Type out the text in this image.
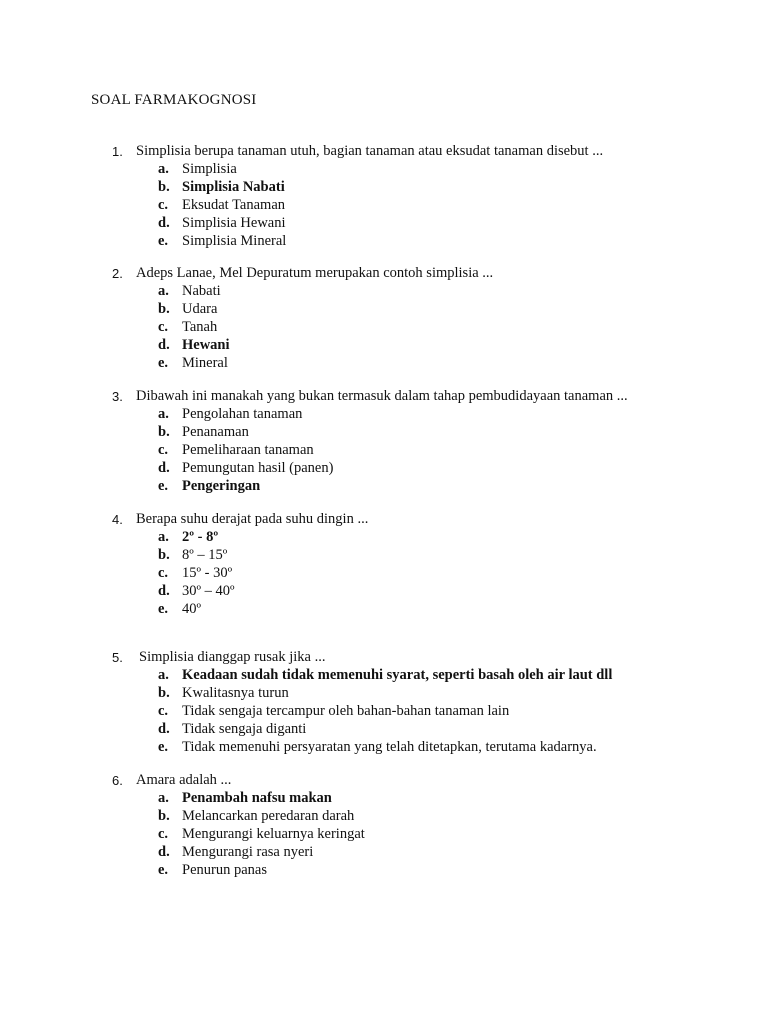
SOAL FARMAKOGNOSI
1. Simplisia berupa tanaman utuh, bagian tanaman atau eksudat tanaman disebut ...
a. Simplisia
b. Simplisia Nabati
c. Eksudat Tanaman
d. Simplisia Hewani
e. Simplisia Mineral
2. Adeps Lanae, Mel Depuratum merupakan contoh simplisia ...
a. Nabati
b. Udara
c. Tanah
d. Hewani
e. Mineral
3. Dibawah ini manakah yang bukan termasuk dalam tahap pembudidayaan tanaman ...
a. Pengolahan tanaman
b. Penanaman
c. Pemeliharaan tanaman
d. Pemungutan hasil (panen)
e. Pengeringan
4. Berapa suhu derajat pada suhu dingin ...
a. 2º - 8º
b. 8º – 15º
c. 15º - 30º
d. 30º – 40º
e. 40º
5. Simplisia dianggap rusak jika ...
a. Keadaan sudah tidak memenuhi syarat, seperti basah oleh air laut dll
b. Kwalitasnya turun
c. Tidak sengaja tercampur oleh bahan-bahan tanaman lain
d. Tidak sengaja diganti
e. Tidak memenuhi persyaratan yang telah ditetapkan, terutama kadarnya.
6. Amara adalah ...
a. Penambah nafsu makan
b. Melancarkan peredaran darah
c. Mengurangi keluarnya keringat
d. Mengurangi rasa nyeri
e. Penurun panas
